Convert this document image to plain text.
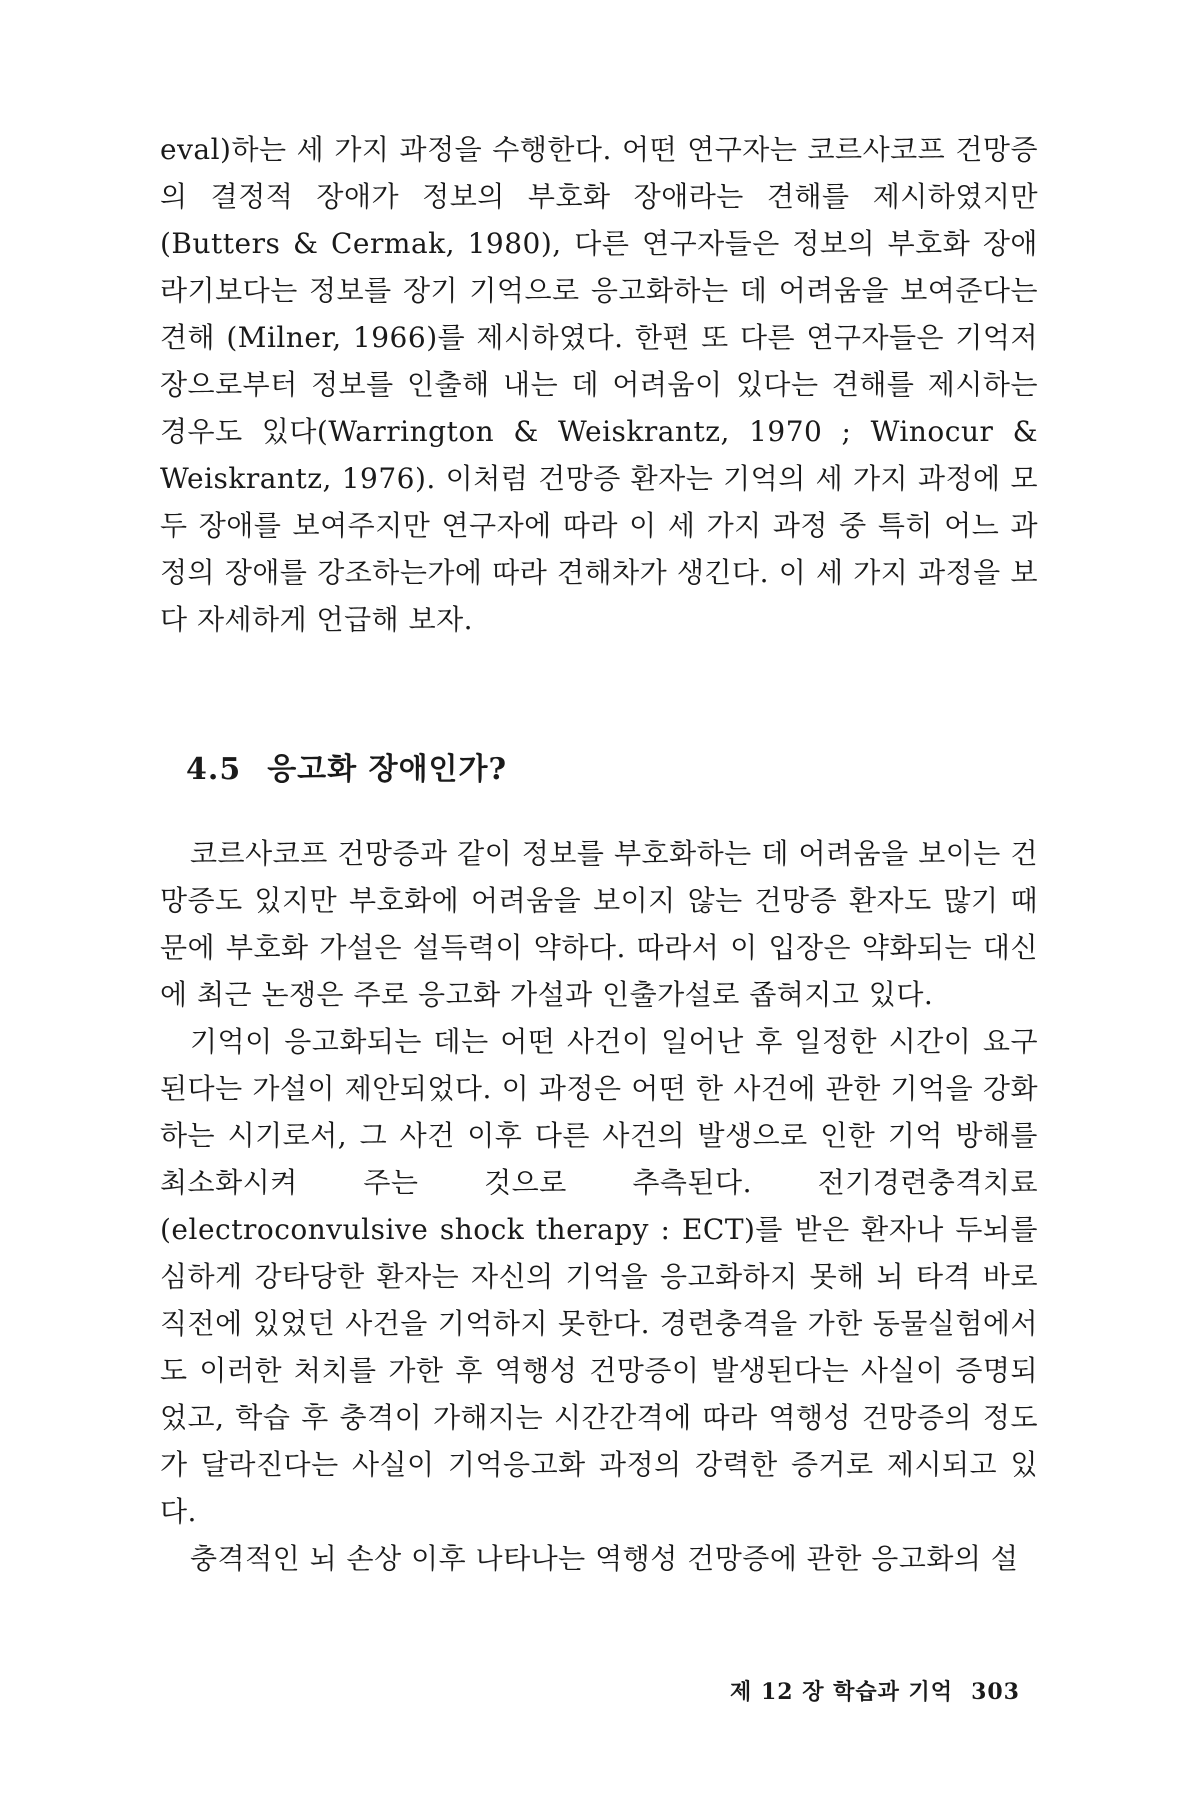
eval)하는 세 가지 과정을 수행한다. 어떤 연구자는 코르사코프 건망증의 결정적 장애가 정보의 부호화 장애라는 견해를 제시하였지만 (Butters & Cermak, 1980), 다른 연구자들은 정보의 부호화 장애라기보다는 정보를 장기 기억으로 응고화하는 데 어려움을 보여준다는 견해 (Milner, 1966)를 제시하였다. 한편 또 다른 연구자들은 기억저장으로부터 정보를 인출해 내는 데 어려움이 있다는 견해를 제시하는 경우도 있다(Warrington & Weiskrantz, 1970 ; Winocur & Weiskrantz, 1976). 이처럼 건망증 환자는 기억의 세 가지 과정에 모두 장애를 보여주지만 연구자에 따라 이 세 가지 과정 중 특히 어느 과정의 장애를 강조하는가에 따라 견해차가 생긴다. 이 세 가지 과정을 보다 자세하게 언급해 보자.

4.5 응고화 장애인가?

코르사코프 건망증과 같이 정보를 부호화하는 데 어려움을 보이는 건망증도 있지만 부호화에 어려움을 보이지 않는 건망증 환자도 많기 때문에 부호화 가설은 설득력이 약하다. 따라서 이 입장은 약화되는 대신에 최근 논쟁은 주로 응고화 가설과 인출가설로 좁혀지고 있다.

기억이 응고화되는 데는 어떤 사건이 일어난 후 일정한 시간이 요구된다는 가설이 제안되었다. 이 과정은 어떤 한 사건에 관한 기억을 강화하는 시기로서, 그 사건 이후 다른 사건의 발생으로 인한 기억 방해를 최소화시켜 주는 것으로 추측된다. 전기경련충격치료(electroconvulsive shock therapy : ECT)를 받은 환자나 두뇌를 심하게 강타당한 환자는 자신의 기억을 응고화하지 못해 뇌 타격 바로 직전에 있었던 사건을 기억하지 못한다. 경련충격을 가한 동물실험에서도 이러한 처치를 가한 후 역행성 건망증이 발생된다는 사실이 증명되었고, 학습 후 충격이 가해지는 시간간격에 따라 역행성 건망증의 정도가 달라진다는 사실이 기억응고화 과정의 강력한 증거로 제시되고 있다.

충격적인 뇌 손상 이후 나타나는 역행성 건망증에 관한 응고화의 설

제 12 장 학습과 기억 303
